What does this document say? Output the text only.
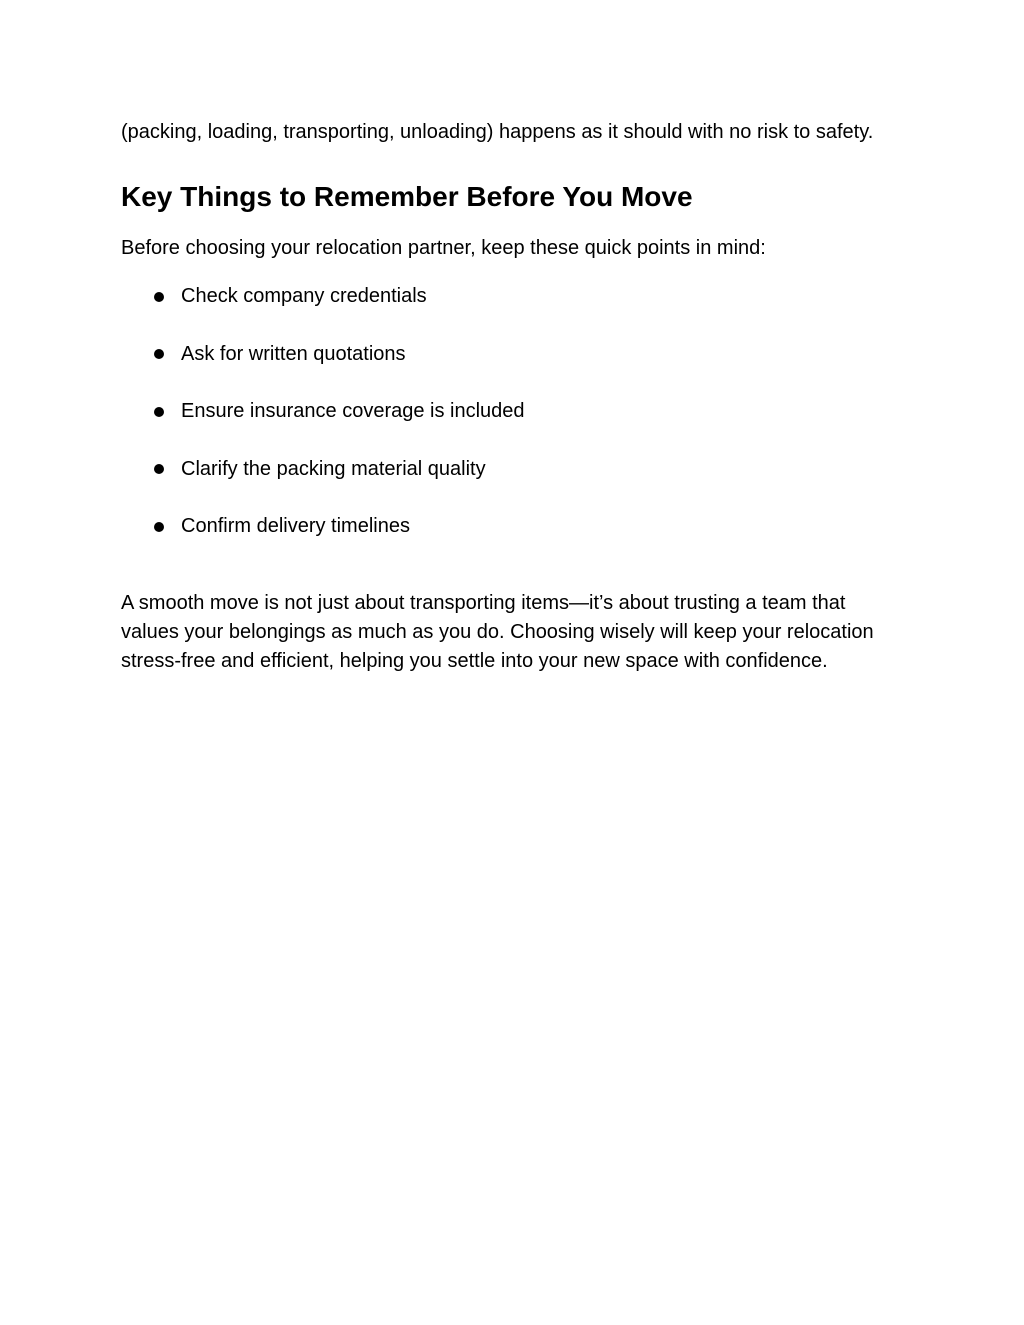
(packing, loading, transporting, unloading) happens as it should with no risk to safety.

Key Things to Remember Before You Move

Before choosing your relocation partner, keep these quick points in mind:

Check company credentials
Ask for written quotations
Ensure insurance coverage is included
Clarify the packing material quality
Confirm delivery timelines

A smooth move is not just about transporting items—it’s about trusting a team that values your belongings as much as you do. Choosing wisely will keep your relocation stress-free and efficient, helping you settle into your new space with confidence.
